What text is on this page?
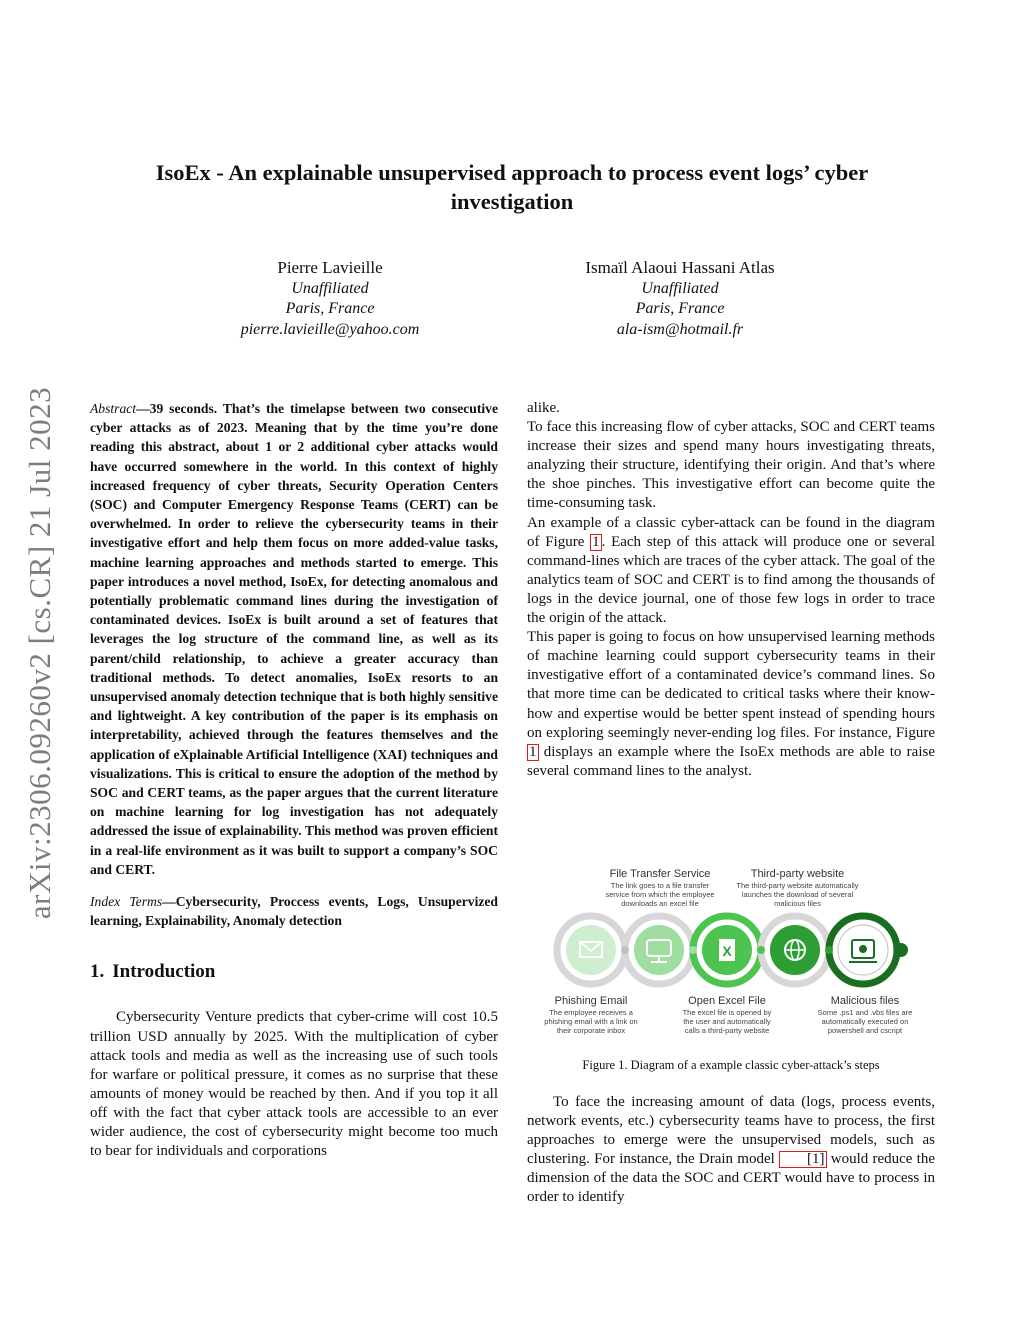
arXiv:2306.09260v2 [cs.CR] 21 Jul 2023
IsoEx - An explainable unsupervised approach to process event logs’ cyber investigation
Pierre Lavieille
Unaffiliated
Paris, France
pierre.lavieille@yahoo.com
Ismaïl Alaoui Hassani Atlas
Unaffiliated
Paris, France
ala-ism@hotmail.fr
Abstract—39 seconds. That’s the timelapse between two consecutive cyber attacks as of 2023. Meaning that by the time you’re done reading this abstract, about 1 or 2 additional cyber attacks would have occurred somewhere in the world. In this context of highly increased frequency of cyber threats, Security Operation Centers (SOC) and Computer Emergency Response Teams (CERT) can be overwhelmed. In order to relieve the cybersecurity teams in their investigative effort and help them focus on more added-value tasks, machine learning approaches and methods started to emerge. This paper introduces a novel method, IsoEx, for detecting anomalous and potentially problematic command lines during the investigation of contaminated devices. IsoEx is built around a set of features that leverages the log structure of the command line, as well as its parent/child relationship, to achieve a greater accuracy than traditional methods. To detect anomalies, IsoEx resorts to an unsupervised anomaly detection technique that is both highly sensitive and lightweight. A key contribution of the paper is its emphasis on interpretability, achieved through the features themselves and the application of eXplainable Artificial Intelligence (XAI) techniques and visualizations. This is critical to ensure the adoption of the method by SOC and CERT teams, as the paper argues that the current literature on machine learning for log investigation has not adequately addressed the issue of explainability. This method was proven efficient in a real-life environment as it was built to support a company’s SOC and CERT.
Index Terms—Cybersecurity, Proccess events, Logs, Unsupervized learning, Explainability, Anomaly detection
1. Introduction
Cybersecurity Venture predicts that cyber-crime will cost 10.5 trillion USD annually by 2025. With the multiplication of cyber attack tools and media as well as the increasing use of such tools for warfare or political pressure, it comes as no surprise that these amounts of money would be reached by then. And if you top it all off with the fact that cyber attack tools are accessible to an ever wider audience, the cost of cybersecurity might become too much to bear for individuals and corporations

alike.

To face this increasing flow of cyber attacks, SOC and CERT teams increase their sizes and spend many hours investigating threats, analyzing their structure, identifying their origin. And that’s where the shoe pinches. This investigative effort can become quite the time-consuming task.

An example of a classic cyber-attack can be found in the diagram of Figure 1 . Each step of this attack will produce one or several command-lines which are traces of the cyber attack. The goal of the analytics team of SOC and CERT is to find among the thousands of logs in the device journal, one of those few logs in order to trace the origin of the attack.

This paper is going to focus on how unsupervised learning methods of machine learning could support cybersecurity teams in their investigative effort of a contaminated device’s command lines. So that more time can be dedicated to critical tasks where their know-how and expertise would be better spent instead of spending hours on exploring seemingly never-ending log files. For instance, Figure 1 displays an example where the IsoEx methods are able to raise several command lines to the analyst.

X
File Transfer Service
The link goes to a file transfer service from which the employee downloads an excel file
Third-party website
The third-party website automatically launches the download of several malicious files
Phishing Email
The employee receives a phishing email with a link on their corporate inbox
Open Excel File
The excel file is opened by the user and automatically calls a third-party website
Malicious files
Some .ps1 and .vbs files are automatically executed on powershell and cscript
Figure 1. Diagram of a example classic cyber-attack’s steps
To face the increasing amount of data (logs, process events, network events, etc.) cybersecurity teams have to process, the first approaches to emerge were the unsupervised models, such as clustering. For instance, the Drain model [1] would reduce the dimension of the data the SOC and CERT would have to process in order to identify
